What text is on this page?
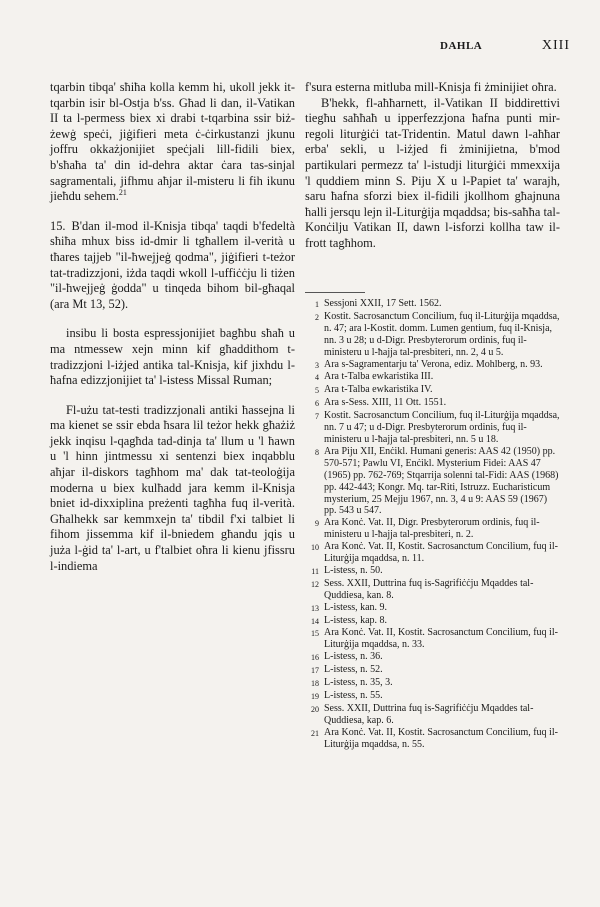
DAHLA	XIII

tqarbin tibqa' sħiħa kolla kemm hi, ukoll jekk it-tqarbin isir bl-Ostja b'ss. Għad li dan, il-Vatikan II ta l-permess biex xi drabi t-tqarbina ssir biż-żewġ speċi, jiġifieri meta ċ-ċirkustanzi jkunu joffru okkażjonijiet speċjali lill-fidili biex, b'sħaħa ta' din id-dehra aktar ċara tas-sinjal sagramentali, jifhmu aħjar il-misteru li fih ikunu jieħdu sehem.$^{21}$

15. B'dan il-mod il-Knisja tibqa' taqdi b'fedeltà sħiħa mhux biss id-dmir li tgħallem il-verità u tħares tajjeb "il-ħwejjeġ qodma", jiġifieri t-teżor tat-tradizzjoni, iżda taqdi wkoll l-uffiċċju li tiżen "il-ħwejjeġ ġodda" u tinqeda bihom bil-għaqal (ara Mt 13, 52).

insibu li bosta espressjonijiet bagħbu sħaħ u ma ntmessew xejn minn kif għaddithom t-tradizzjoni l-iżjed antika tal-Knisja, kif jixhdu l-ħafna edizzjonijiet ta' l-istess Missal Ruman;

Fl-użu tat-testi tradizzjonali antiki ħassejna li ma kienet se ssir ebda ħsara lil teżor hekk għażiż jekk inqisu l-qagħda tad-dinja ta' llum u 'l ħawn u 'l hinn jintmessu xi sentenzi biex inqabblu aħjar il-diskors tagħhom ma' dak tat-teoloġija moderna u biex kulħadd jara kemm il-Knisja bniet id-dixxiplina preżenti tagħha fuq il-verità. Għalhekk sar kemmxejn ta' tibdil f'xi talbiet li fihom jissemma kif il-bniedem għandu jqis u juża l-ġid ta' l-art, u f'talbiet oħra li kienu jfissru l-indiema

f'sura esterna mitluba mill-Knisja fi żminijiet oħra.

B'hekk, fl-aħħarnett, il-Vatikan II biddirettivi tiegħu saħħaħ u ipperfezzjona ħafna punti mir-regoli liturġiċi tat-Tridentin. Matul dawn l-aħħar erba' sekli, u l-iżjed fi żminijietna, b'mod partikulari permezz ta' l-istudji liturġiċi mmexxija 'l quddiem minn S. Piju X u l-Papiet ta' warajh, saru ħafna sforzi biex il-fidili jkollhom għajnuna ħalli jersqu lejn il-Liturġija mqaddsa; bis-saħħa tal-Konċilju Vatikan II, dawn l-isforzi kollha taw il-frott tagħhom.

1 Sessjoni XXII, 17 Sett. 1562.
2 Kostit. Sacrosanctum Concilium, fuq il-Liturġija mqaddsa, n. 47; ara l-Kostit. domm. Lumen gentium, fuq il-Knisja, nn. 3 u 28; u d-Digr. Presbyterorum ordinis, fuq il-ministeru u l-ħajja tal-presbiteri, nn. 2, 4 u 5.
3 Ara s-Sagramentarju ta' Verona, ediz. Mohlberg, n. 93.
4 Ara t-Talba ewkaristika III.
5 Ara t-Talba ewkaristika IV.
6 Ara s-Sess. XIII, 11 Ott. 1551.
7 Kostit. Sacrosanctum Concilium, fuq il-Liturġija mqaddsa, nn. 7 u 47; u d-Digr. Presbyterorum ordinis, fuq il-ministeru u l-ħajja tal-presbiteri, nn. 5 u 18.
8 Ara Piju XII, Enċikl. Humani generis: AAS 42 (1950) pp. 570-571; Pawlu VI, Enċikl. Mysterium Fidei: AAS 47 (1965) pp. 762-769; Stqarrija solenni tal-Fidi: AAS (1968) pp. 442-443; Kongr. Mq. tar-Riti, Istruzz. Eucharisticum mysterium, 25 Mejju 1967, nn. 3, 4 u 9: AAS 59 (1967) pp. 543 u 547.
9 Ara Konċ. Vat. II, Digr. Presbyterorum ordinis, fuq il-ministeru u l-ħajja tal-presbiteri, n. 2.
10 Ara Konċ. Vat. II, Kostit. Sacrosanctum Concilium, fuq il-Liturġija mqaddsa, n. 11.
11 L-istess, n. 50.
12 Sess. XXII, Duttrina fuq is-Sagrifiċċju Mqaddes tal-Quddiesa, kan. 8.
13 L-istess, kan. 9.
14 L-istess, kap. 8.
15 Ara Konċ. Vat. II, Kostit. Sacrosanctum Concilium, fuq il-Liturġija mqaddsa, n. 33.
16 L-istess, n. 36.
17 L-istess, n. 52.
18 L-istess, n. 35, 3.
19 L-istess, n. 55.
20 Sess. XXII, Duttrina fuq is-Sagrifiċċju Mqaddes tal-Quddiesa, kap. 6.
21 Ara Konċ. Vat. II, Kostit. Sacrosanctum Concilium, fuq il-Liturġija mqaddsa, n. 55.
